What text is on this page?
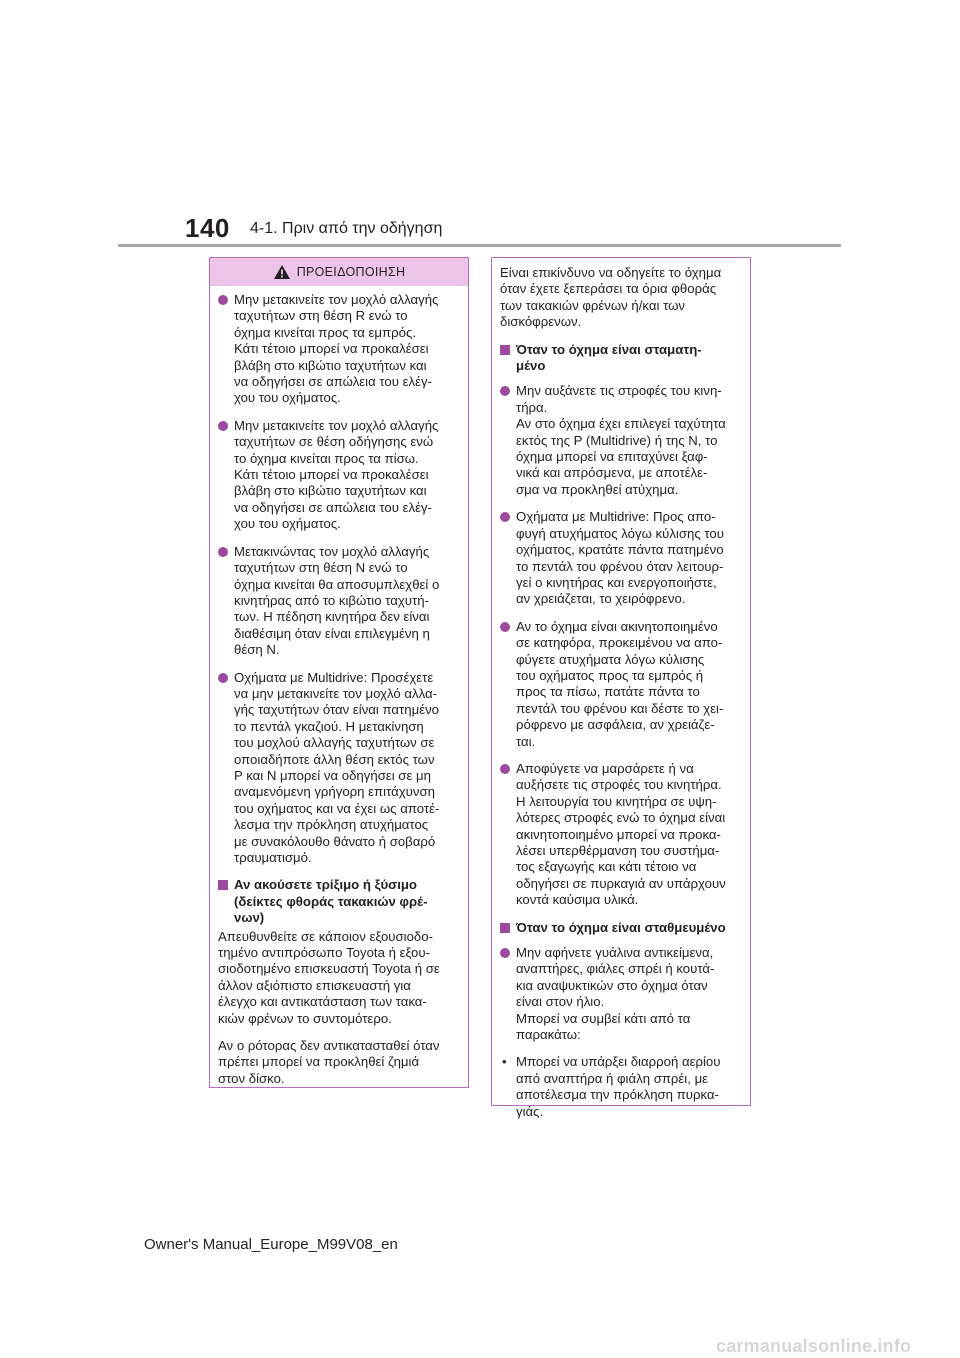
140 4-1. Πριν από την οδήγηση
ΠΡΟΕΙΔΟΠΟΙΗΣΗ
Μην μετακινείτε τον μοχλό αλλαγής
ταχυτήτων στη θέση R ενώ το
όχημα κινείται προς τα εμπρός.
Κάτι τέτοιο μπορεί να προκαλέσει
βλάβη στο κιβώτιο ταχυτήτων και
να οδηγήσει σε απώλεια του ελέγ-
χου του οχήματος.
Μην μετακινείτε τον μοχλό αλλαγής
ταχυτήτων σε θέση οδήγησης ενώ
το όχημα κινείται προς τα πίσω.
Κάτι τέτοιο μπορεί να προκαλέσει
βλάβη στο κιβώτιο ταχυτήτων και
να οδηγήσει σε απώλεια του ελέγ-
χου του οχήματος.
Μετακινώντας τον μοχλό αλλαγής
ταχυτήτων στη θέση N ενώ το
όχημα κινείται θα αποσυμπλεχθεί ο
κινητήρας από το κιβώτιο ταχυτή-
των. Η πέδηση κινητήρα δεν είναι
διαθέσιμη όταν είναι επιλεγμένη η
θέση N.
Οχήματα με Multidrive: Προσέχετε
να μην μετακινείτε τον μοχλό αλλα-
γής ταχυτήτων όταν είναι πατημένο
το πεντάλ γκαζιού. Η μετακίνηση
του μοχλού αλλαγής ταχυτήτων σε
οποιαδήποτε άλλη θέση εκτός των
P και N μπορεί να οδηγήσει σε μη
αναμενόμενη γρήγορη επιτάχυνση
του οχήματος και να έχει ως αποτέ-
λεσμα την πρόκληση ατυχήματος
με συνακόλουθο θάνατο ή σοβαρό
τραυματισμό.
Αν ακούσετε τρίξιμο ή ξύσιμο
(δείκτες φθοράς τακακιών φρέ-
νων)
Απευθυνθείτε σε κάποιον εξουσιοδο-
τημένο αντιπρόσωπο Toyota ή εξου-
σιοδοτημένο επισκευαστή Toyota ή σε
άλλον αξιόπιστο επισκευαστή για
έλεγχο και αντικατάσταση των τακα-
κιών φρένων το συντομότερο.
Αν ο ρότορας δεν αντικατασταθεί όταν
πρέπει μπορεί να προκληθεί ζημιά
στον δίσκο.
Είναι επικίνδυνο να οδηγείτε το όχημα
όταν έχετε ξεπεράσει τα όρια φθοράς
των τακακιών φρένων ή/και των
δισκόφρενων.
Όταν το όχημα είναι σταματη-
μένο
Μην αυξάνετε τις στροφές του κινη-
τήρα.
Αν στο όχημα έχει επιλεγεί ταχύτητα
εκτός της P (Multidrive) ή της N, το
όχημα μπορεί να επιταχύνει ξαφ-
νικά και απρόσμενα, με αποτέλε-
σμα να προκληθεί ατύχημα.
Οχήματα με Multidrive: Προς απο-
φυγή ατυχήματος λόγω κύλισης του
οχήματος, κρατάτε πάντα πατημένο
το πεντάλ του φρένου όταν λειτουρ-
γεί ο κινητήρας και ενεργοποιήστε,
αν χρειάζεται, το χειρόφρενο.
Αν το όχημα είναι ακινητοποιημένο
σε κατηφόρα, προκειμένου να απο-
φύγετε ατυχήματα λόγω κύλισης
του οχήματος προς τα εμπρός ή
προς τα πίσω, πατάτε πάντα το
πεντάλ του φρένου και δέστε το χει-
ρόφρενο με ασφάλεια, αν χρειάζε-
ται.
Αποφύγετε να μαρσάρετε ή να
αυξήσετε τις στροφές του κινητήρα.
Η λειτουργία του κινητήρα σε υψη-
λότερες στροφές ενώ το όχημα είναι
ακινητοποιημένο μπορεί να προκα-
λέσει υπερθέρμανση του συστήμα-
τος εξαγωγής και κάτι τέτοιο να
οδηγήσει σε πυρκαγιά αν υπάρχουν
κοντά καύσιμα υλικά.
Όταν το όχημα είναι σταθμευμένο
Μην αφήνετε γυάλινα αντικείμενα,
αναπτήρες, φιάλες σπρέι ή κουτά-
κια αναψυκτικών στο όχημα όταν
είναι στον ήλιο.
Μπορεί να συμβεί κάτι από τα
παρακάτω:
• Μπορεί να υπάρξει διαρροή αερίου
από αναπτήρα ή φιάλη σπρέι, με
αποτέλεσμα την πρόκληση πυρκα-
γιάς.
Owner's Manual_Europe_M99V08_en
carmanualsonline.info
